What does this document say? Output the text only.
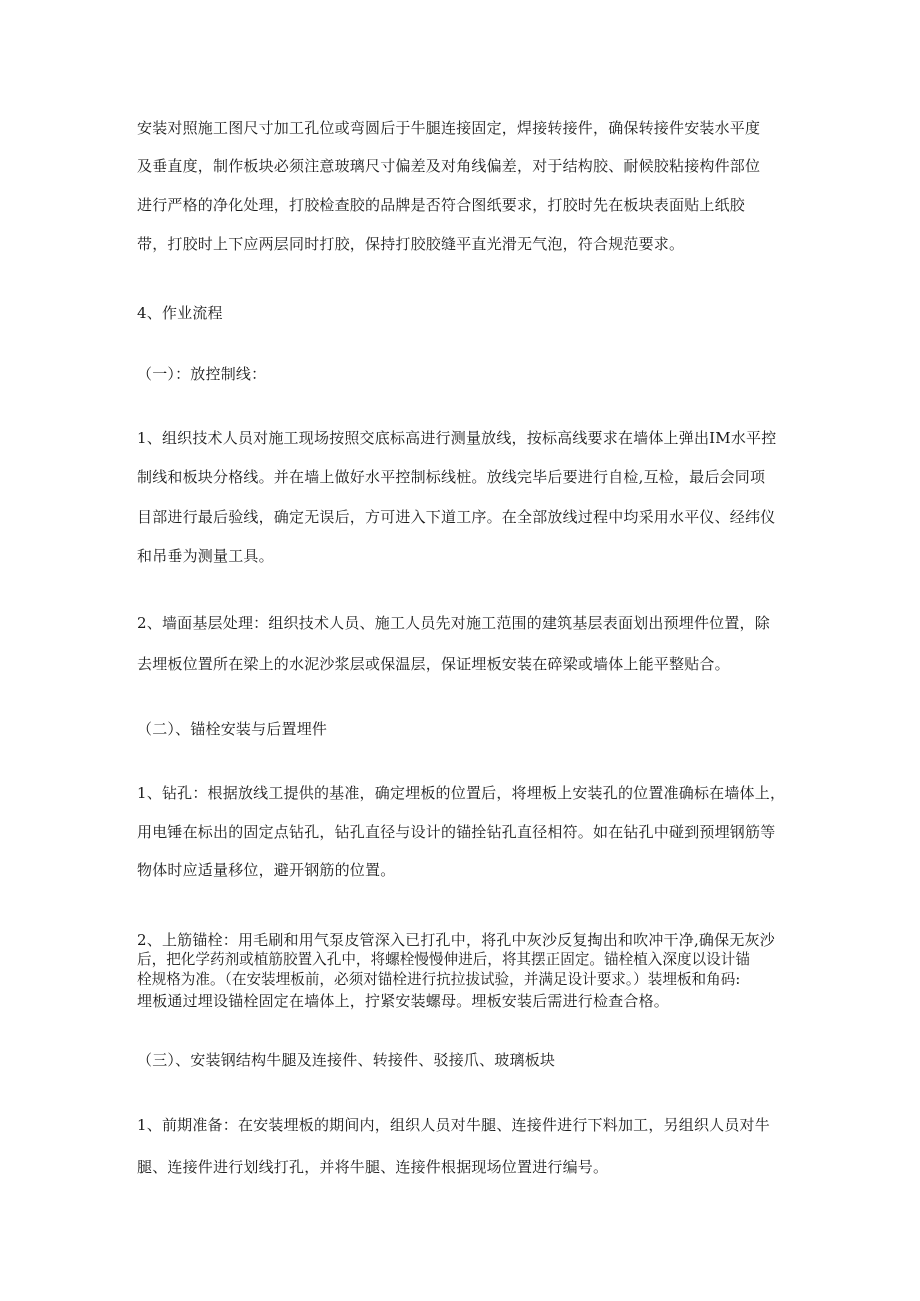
安装对照施工图尺寸加工孔位或弯圆后于牛腿连接固定，焊接转接件，确保转接件安装水平度
及垂直度，制作板块必须注意玻璃尺寸偏差及对角线偏差，对于结构胶、耐候胶粘接构件部位
进行严格的净化处理，打胶检查胶的品牌是否符合图纸要求，打胶时先在板块表面贴上纸胶
带，打胶时上下应两层同时打胶，保持打胶胶缝平直光滑无气泡，符合规范要求。
4、作业流程
（一）：放控制线：
1、组织技术人员对施工现场按照交底标高进行测量放线，按标高线要求在墙体上弹出IM水平控
制线和板块分格线。并在墙上做好水平控制标线桩。放线完毕后要进行自检,互检，最后会同项
目部进行最后验线，确定无误后，方可进入下道工序。在全部放线过程中均采用水平仪、经纬仪
和吊垂为测量工具。
2、墙面基层处理：组织技术人员、施工人员先对施工范围的建筑基层表面划出预埋件位置，除
去埋板位置所在梁上的水泥沙浆层或保温层，保证埋板安装在碎梁或墙体上能平整贴合。
（二）、锚栓安装与后置埋件
1、钻孔：根据放线工提供的基准，确定埋板的位置后，将埋板上安装孔的位置准确标在墙体上，
用电锤在标出的固定点钻孔，钻孔直径与设计的锚拴钻孔直径相符。如在钻孔中碰到预埋钢筋等
物体时应适量移位，避开钢筋的位置。
2、上筋锚栓：用毛刷和用气泵皮管深入已打孔中，将孔中灰沙反复掏出和吹冲干净,确保无灰沙
后，把化学药剂或植筋胶置入孔中，将螺栓慢慢伸进后，将其摆正固定。锚栓植入深度以设计锚
栓规格为准。（在安装埋板前，必须对锚栓进行抗拉拔试验，并满足设计要求。）装埋板和角码:
埋板通过埋设锚栓固定在墙体上，拧紧安装螺母。埋板安装后需进行检查合格。
（三）、安装钢结构牛腿及连接件、转接件、驳接爪、玻璃板块
1、前期准备：在安装埋板的期间内，组织人员对牛腿、连接件进行下料加工，另组织人员对牛
腿、连接件进行划线打孔，并将牛腿、连接件根据现场位置进行编号。
